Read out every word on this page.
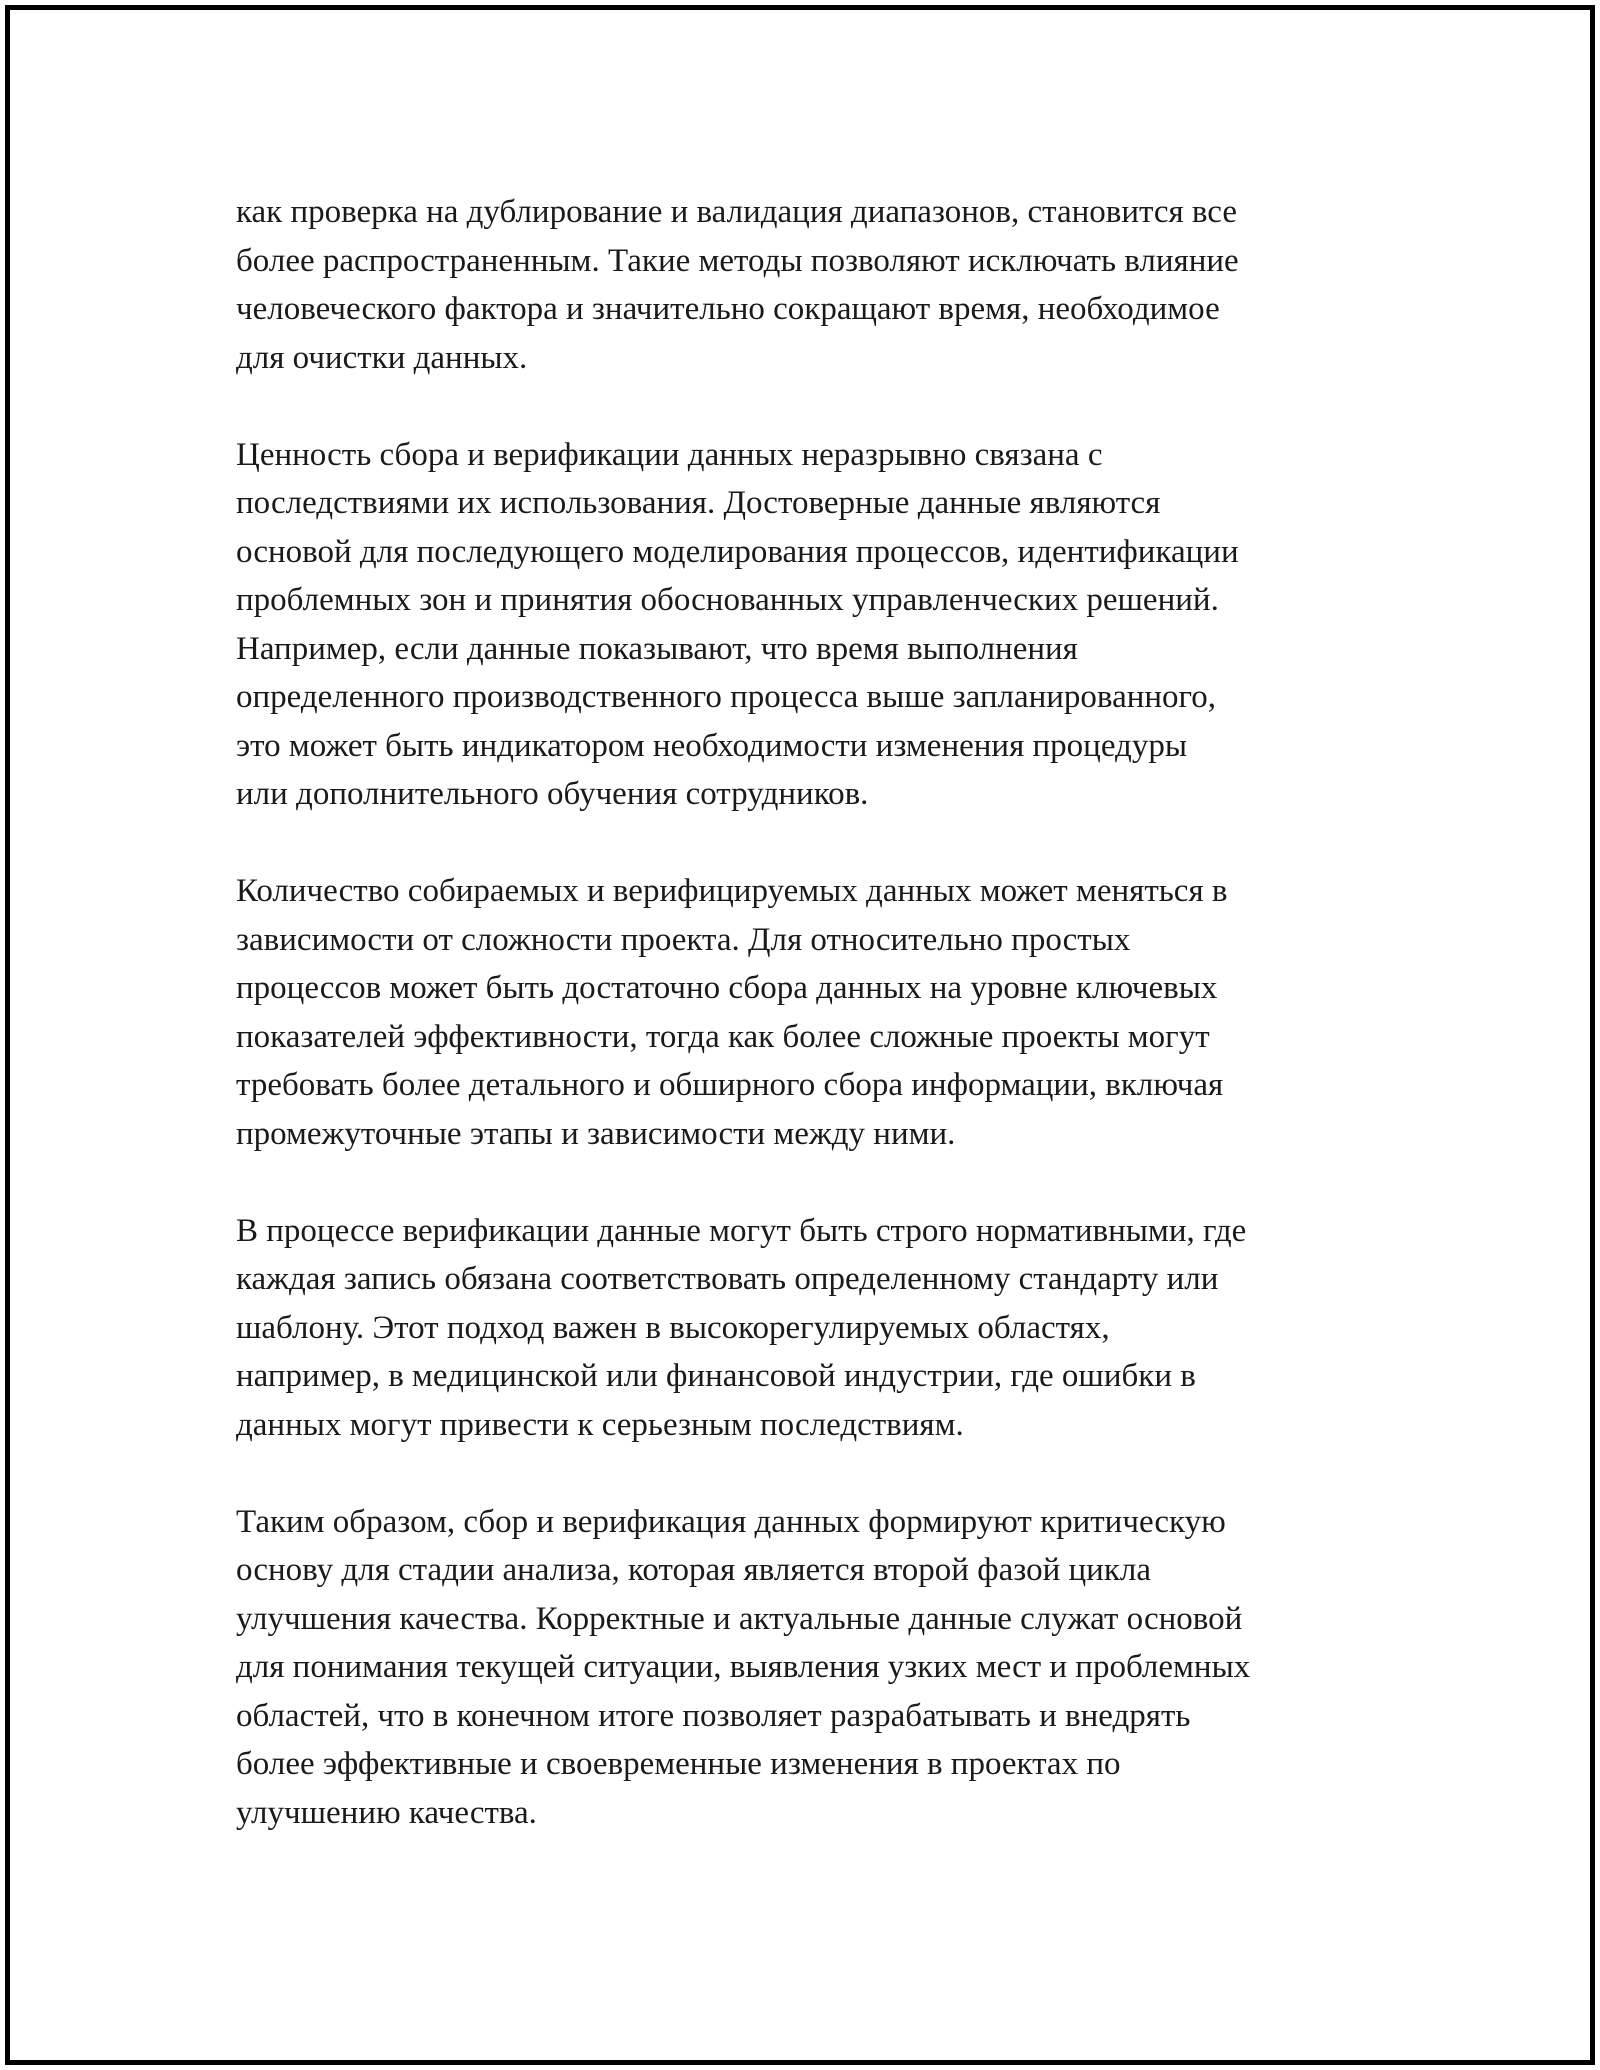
как проверка на дублирование и валидация диапазонов, становится все
более распространенным. Такие методы позволяют исключать влияние
человеческого фактора и значительно сокращают время, необходимое
для очистки данных.

Ценность сбора и верификации данных неразрывно связана с
последствиями их использования. Достоверные данные являются
основой для последующего моделирования процессов, идентификации
проблемных зон и принятия обоснованных управленческих решений.
Например, если данные показывают, что время выполнения
определенного производственного процесса выше запланированного,
это может быть индикатором необходимости изменения процедуры
или дополнительного обучения сотрудников.

Количество собираемых и верифицируемых данных может меняться в
зависимости от сложности проекта. Для относительно простых
процессов может быть достаточно сбора данных на уровне ключевых
показателей эффективности, тогда как более сложные проекты могут
требовать более детального и обширного сбора информации, включая
промежуточные этапы и зависимости между ними.

В процессе верификации данные могут быть строго нормативными, где
каждая запись обязана соответствовать определенному стандарту или
шаблону. Этот подход важен в высокорегулируемых областях,
например, в медицинской или финансовой индустрии, где ошибки в
данных могут привести к серьезным последствиям.

Таким образом, сбор и верификация данных формируют критическую
основу для стадии анализа, которая является второй фазой цикла
улучшения качества. Корректные и актуальные данные служат основой
для понимания текущей ситуации, выявления узких мест и проблемных
областей, что в конечном итоге позволяет разрабатывать и внедрять
более эффективные и своевременные изменения в проектах по
улучшению качества.
